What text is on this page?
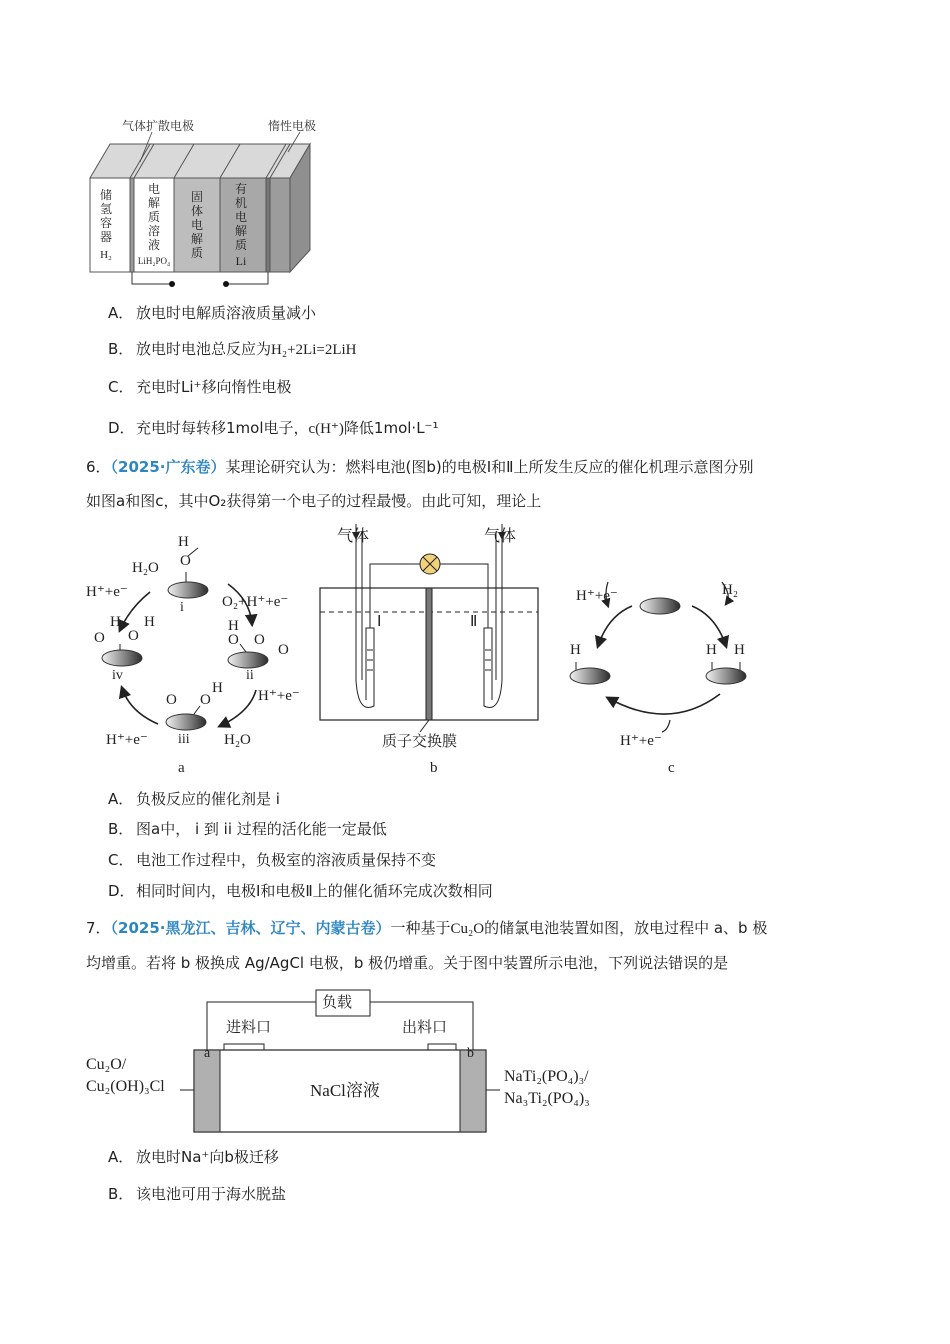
气体扩散电极	惰性电极
储
氢
容
器
H₂
电
解
质
溶
液
LiH₂PO₄
固
体
电
解
质
有
机
电
解
质
Li
A． 放电时电解质溶液质量减小
B． 放电时电池总反应为H₂+2Li=2LiH
C． 充电时Li⁺移向惰性电极
D．充电时每转移1mol电子，c(H⁺)降低1mol·L⁻¹
6．（2025·广东卷）某理论研究认为：燃料电池(图b)的电极Ⅰ和Ⅱ上所发生反应的催化机理示意图分别
如图a和图c，其中O₂获得第一个电子的过程最慢。由此可知，理论上
H₂O
H
O
H⁺+e⁻
O₂+H⁺+e⁻
i
H
O O
O
ii
H H
O
O
iv
H⁺+e⁻
O O
H
iii
H⁺+e⁻	H₂O
a
气体	气体
Ⅰ	Ⅱ
质子交换膜
b
H⁺+e⁻	H₂
H	H H
H⁺+e⁻
c
A． 负极反应的催化剂是 i
B． 图a中， i 到 ii 过程的活化能一定最低
C． 电池工作过程中，负极室的溶液质量保持不变
D．相同时间内，电极Ⅰ和电极Ⅱ上的催化循环完成次数相同
7．（2025·黑龙江、吉林、辽宁、内蒙古卷）一种基于Cu₂O的储氯电池装置如图，放电过程中 a、b 极
均增重。若将 b 极换成 Ag/AgCl 电极，b 极仍增重。关于图中装置所示电池，下列说法错误的是
负载
进料口	出料口
a	b
NaCl溶液
Cu₂O/
Cu₂(OH)₃Cl
NaTi₂(PO₄)₃/
Na₃Ti₂(PO₄)₃
A． 放电时Na⁺向b极迁移
B． 该电池可用于海水脱盐
